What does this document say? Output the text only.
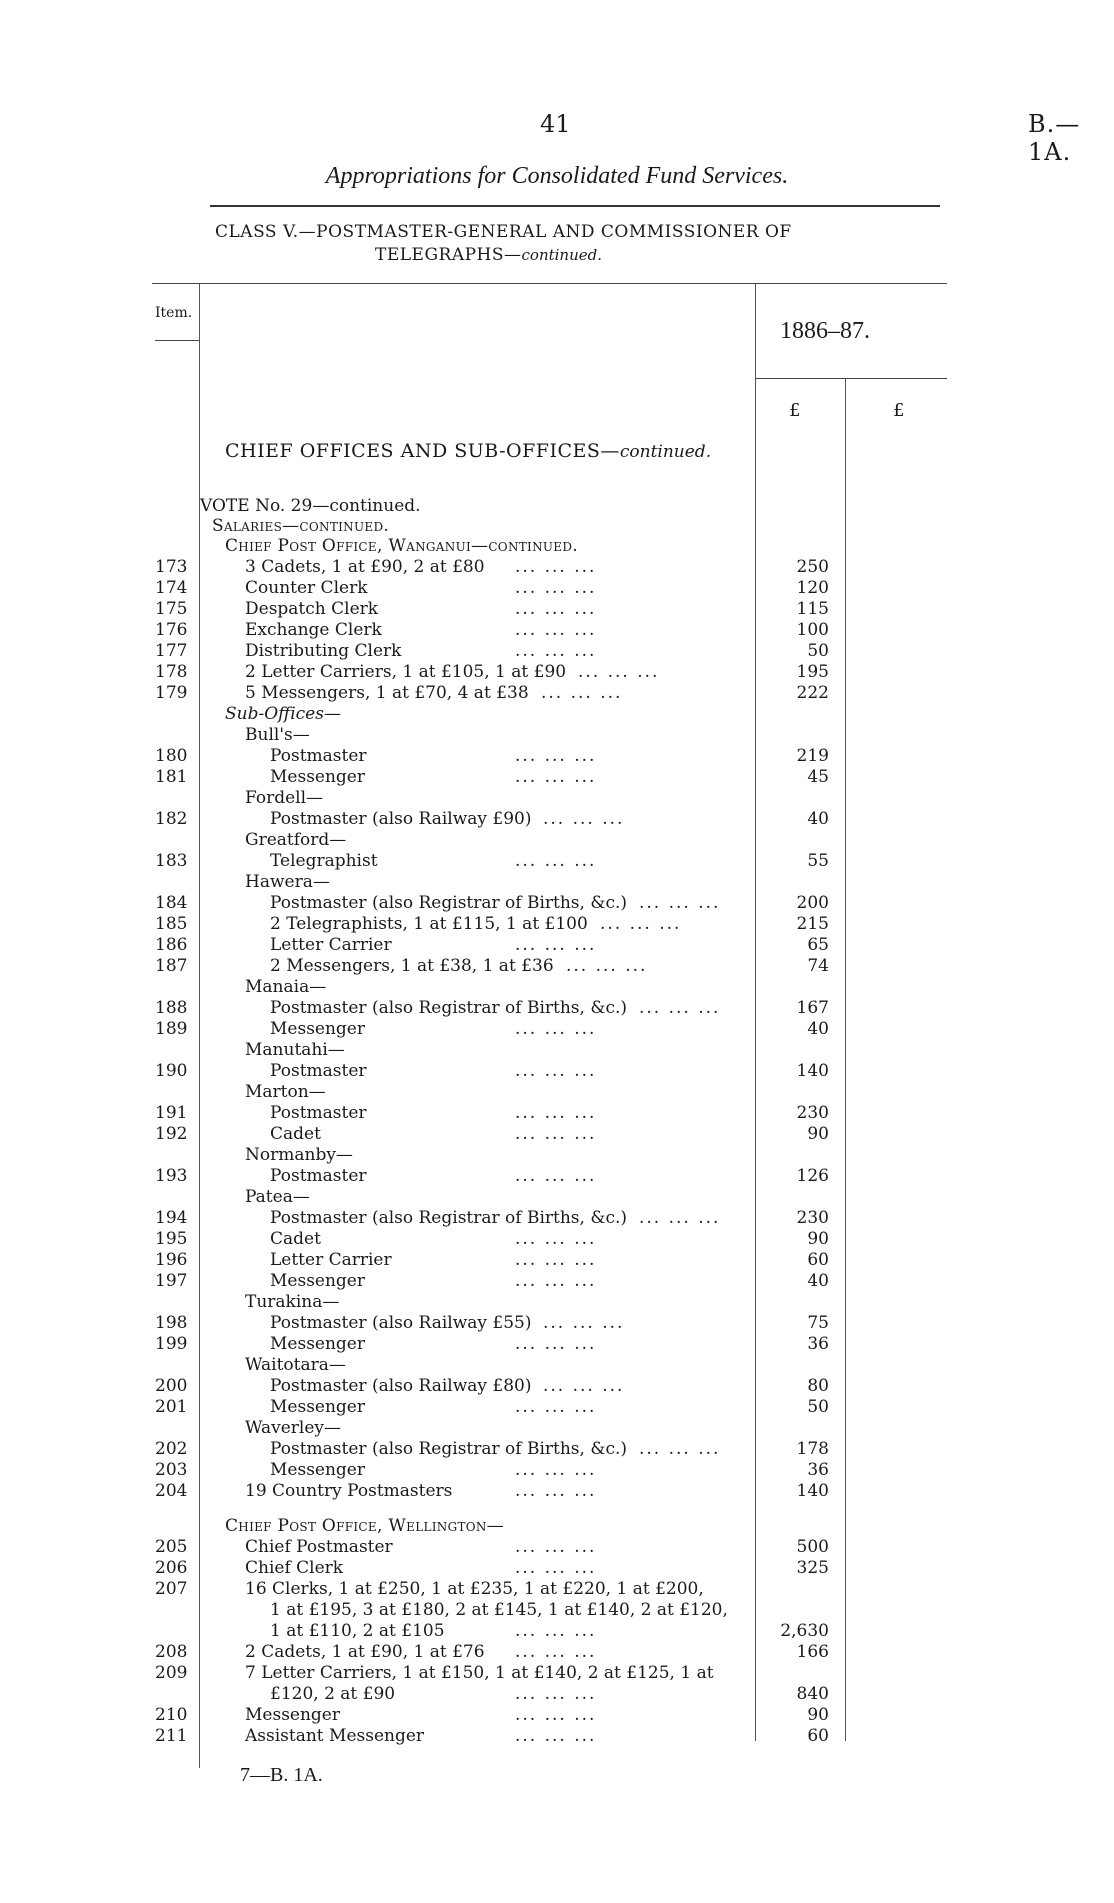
41	B.—1A.
Appropriations for Consolidated Fund Services.
CLASS V.—POSTMASTER-GENERAL AND COMMISSIONER OF
TELEGRAPHS—continued.
Item.
1886–87.
£	£
CHIEF OFFICES AND SUB-OFFICES—continued.
VOTE No. 29—continued.
Salaries—continued.
Chief Post Office, Wanganui—continued.
173	3 Cadets, 1 at £90, 2 at £80 ... ... ...	250
174	Counter Clerk	... ... ...	120
175	Despatch Clerk	... ... ...	115
176	Exchange Clerk	... ... ...	100
177	Distributing Clerk	... ... ...	50
178	2 Letter Carriers, 1 at £105, 1 at £90 ... ... ...	195
179	5 Messengers, 1 at £70, 4 at £38 ... ... ...	222
Sub-Offices—
Bull's—
180	Postmaster	... ... ...	219
181	Messenger	... ... ...	45
Fordell—
182	Postmaster (also Railway £90) ... ... ...	40
Greatford—
183	Telegraphist	... ... ...	55
Hawera—
184	Postmaster (also Registrar of Births, &c.) ... ... ...	200
185	2 Telegraphists, 1 at £115, 1 at £100 ... ... ...	215
186	Letter Carrier	... ... ...	65
187	2 Messengers, 1 at £38, 1 at £36 ... ... ...	74
Manaia—
188	Postmaster (also Registrar of Births, &c.) ... ... ...	167
189	Messenger	... ... ...	40
Manutahi—
190	Postmaster	... ... ...	140
Marton—
191	Postmaster	... ... ...	230
192	Cadet	... ... ...	90
Normanby—
193	Postmaster	... ... ...	126
Patea—
194	Postmaster (also Registrar of Births, &c.) ... ... ...	230
195	Cadet	... ... ...	90
196	Letter Carrier	... ... ...	60
197	Messenger	... ... ...	40
Turakina—
198	Postmaster (also Railway £55) ... ... ...	75
199	Messenger	... ... ...	36
Waitotara—
200	Postmaster (also Railway £80) ... ... ...	80
201	Messenger	... ... ...	50
Waverley—
202	Postmaster (also Registrar of Births, &c.) ... ... ...	178
203	Messenger	... ... ...	36
204	19 Country Postmasters	... ... ...	140
Chief Post Office, Wellington—
205	Chief Postmaster	... ... ...	500
206	Chief Clerk	... ... ...	325
207	16 Clerks, 1 at £250, 1 at £235, 1 at £220, 1 at £200,
1 at £195, 3 at £180, 2 at £145, 1 at £140, 2 at £120,
1 at £110, 2 at £105	... ... ...	2,630
208	2 Cadets, 1 at £90, 1 at £76 ... ... ...	166
209	7 Letter Carriers, 1 at £150, 1 at £140, 2 at £125, 1 at
£120, 2 at £90	... ... ...	840
210	Messenger	... ... ...	90
211	Assistant Messenger	... ... ...	60
7—B. 1A.
